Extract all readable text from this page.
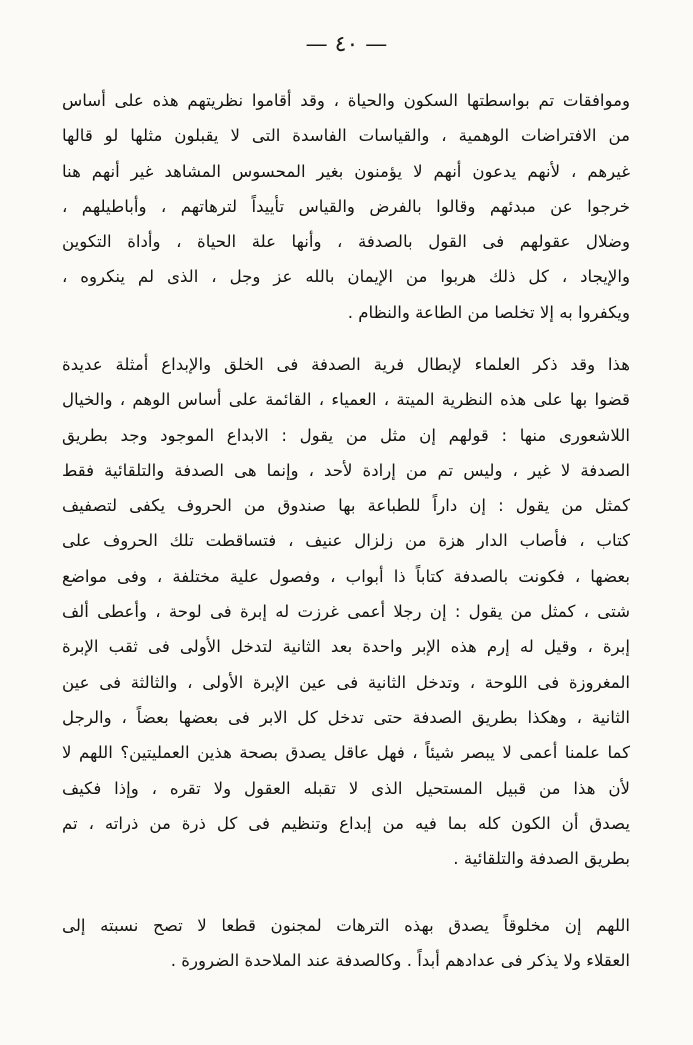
— ٤٠ —
وموافقات تم بواسطتها السكون والحياة ، وقد أقاموا نظريتهم هذه على أساس
من الافتراضات الوهمية ، والقياسات الفاسدة التى لا يقبلون مثلها لو قالها
غيرهم ، لأنهم يدعون أنهم لا يؤمنون بغير المحسوس المشاهد غير أنهم هنا
خرجوا عن مبدئهم وقالوا بالفرض والقياس تأييداً لترهاتهم ، وأباطيلهم ،
وضلال عقولهم فى القول بالصدفة ، وأنها علة الحياة ، وأداة التكوين
والإيجاد ، كل ذلك هربوا من الإيمان بالله عز وجل ، الذى لم ينكروه ،
ويكفروا به إلا تخلصا من الطاعة والنظام .
هذا وقد ذكر العلماء لإبطال فرية الصدفة فى الخلق والإبداع أمثلة عديدة
قضوا بها على هذه النظرية الميتة ، العمياء ، القائمة على أساس الوهم ، والخيال
اللاشعورى منها : قولهم إن مثل من يقول : الابداع الموجود وجد بطريق
الصدفة لا غير ، وليس تم من إرادة لأحد ، وإنما هى الصدفة والتلقائية فقط
كمثل من يقول : إن داراً للطباعة بها صندوق من الحروف يكفى لتصفيف
كتاب ، فأصاب الدار هزة من زلزال عنيف ، فتساقطت تلك الحروف على
بعضها ، فكونت بالصدفة كتاباً ذا أبواب ، وفصول علية مختلفة ، وفى مواضع
شتى ، كمثل من يقول : إن رجلا أعمى غرزت له إبرة فى لوحة ، وأعطى ألف
إبرة ، وقيل له إرم هذه الإبر واحدة بعد الثانية لتدخل الأولى فى ثقب الإبرة
المغروزة فى اللوحة ، وتدخل الثانية فى عين الإبرة الأولى ، والثالثة فى عين
الثانية ، وهكذا بطريق الصدفة حتى تدخل كل الابر فى بعضها بعضاً ، والرجل
كما علمنا أعمى لا يبصر شيئاً ، فهل عاقل يصدق بصحة هذين العمليتين؟ اللهم لا
لأن هذا من قبيل المستحيل الذى لا تقبله العقول ولا تقره ، وإذا فكيف
يصدق أن الكون كله بما فيه من إبداع وتنظيم فى كل ذرة من ذراته ، تم
بطريق الصدفة والتلقائية .
اللهم إن مخلوقاً يصدق بهذه الترهات لمجنون قطعا لا تصح نسبته إلى
العقلاء ولا يذكر فى عدادهم أبداً . وكالصدفة عند الملاحدة الضرورة .
